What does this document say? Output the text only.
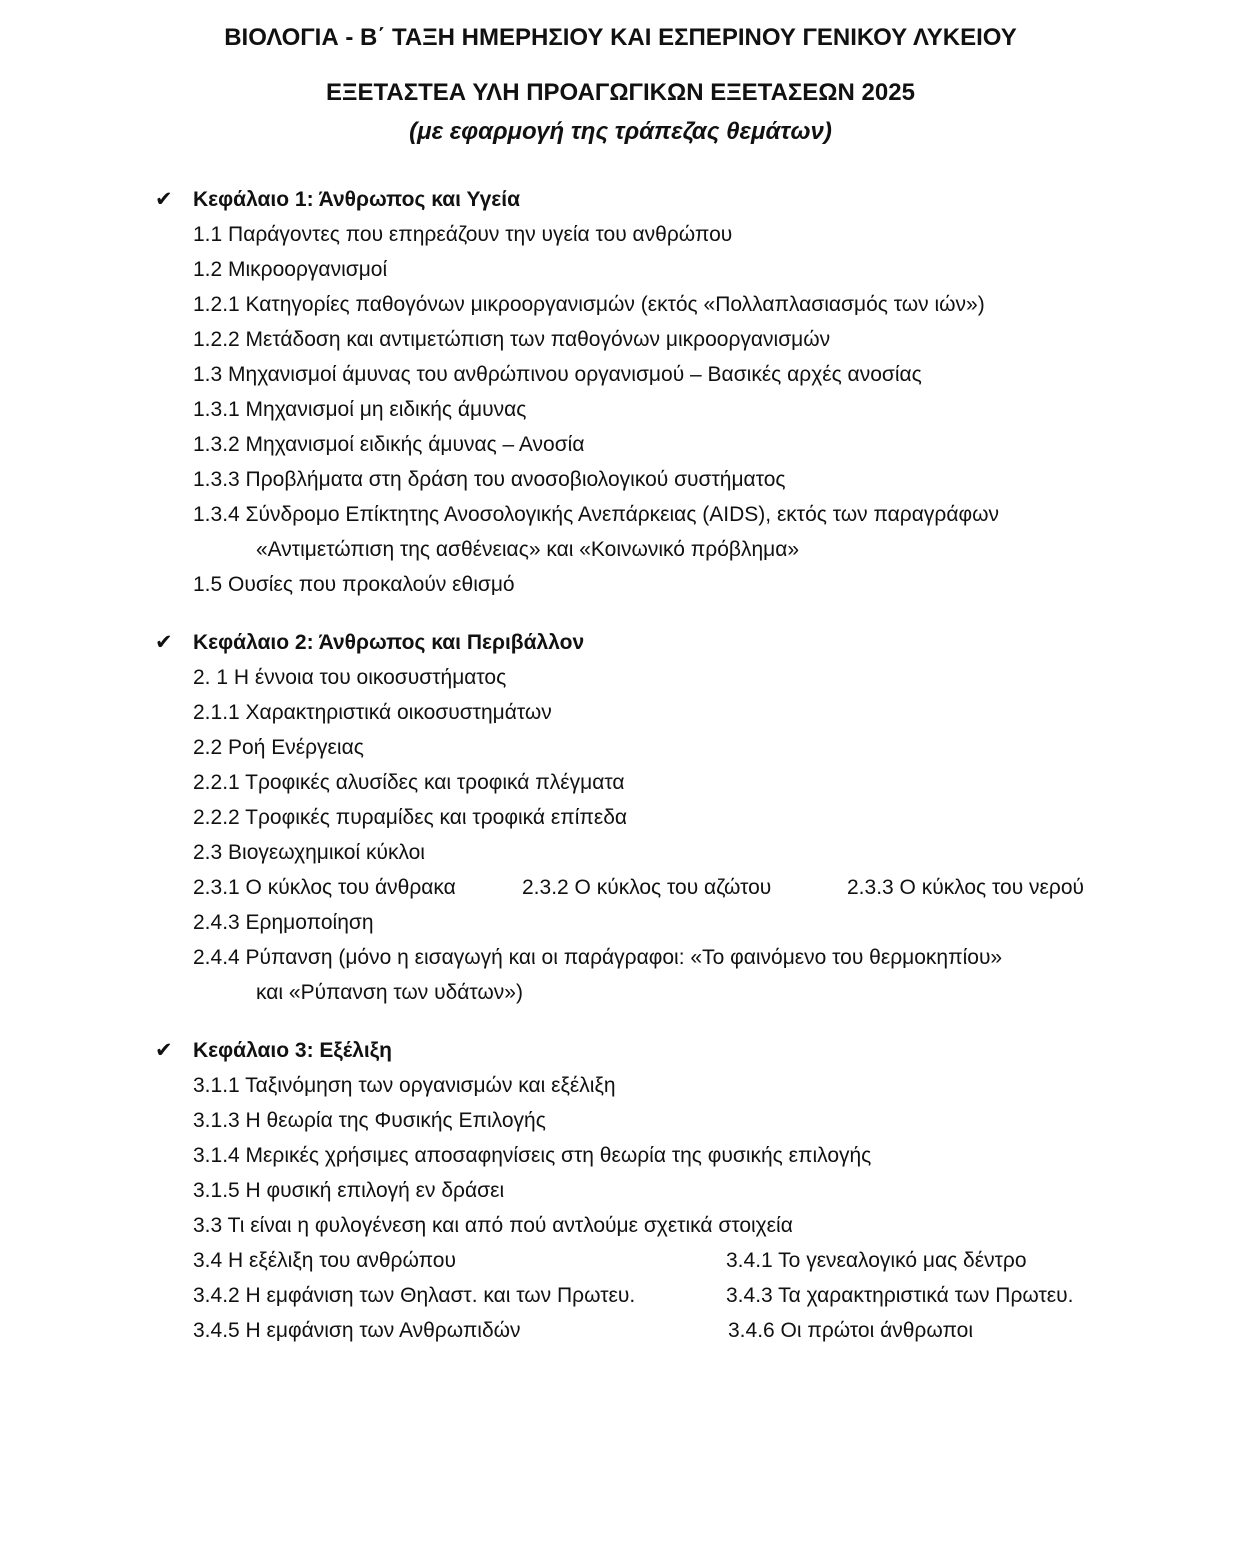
ΒΙΟΛΟΓΙΑ - Β΄ ΤΑΞΗ ΗΜΕΡΗΣΙΟΥ ΚΑΙ ΕΣΠΕΡΙΝΟΥ ΓΕΝΙΚΟΥ ΛΥΚΕΙΟΥ
ΕΞΕΤΑΣΤΕΑ ΥΛΗ ΠΡΟΑΓΩΓΙΚΩΝ ΕΞΕΤΑΣΕΩΝ 2025
(με εφαρμογή της τράπεζας θεμάτων)
✔ Κεφάλαιο 1: Άνθρωπος και Υγεία
1.1 Παράγοντες που επηρεάζουν την υγεία του ανθρώπου
1.2 Μικροοργανισμοί
1.2.1 Κατηγορίες παθογόνων μικροοργανισμών (εκτός «Πολλαπλασιασμός των ιών»)
1.2.2 Μετάδοση και αντιμετώπιση των παθογόνων μικροοργανισμών
1.3 Μηχανισμοί άμυνας του ανθρώπινου οργανισμού – Βασικές αρχές ανοσίας
1.3.1 Μηχανισμοί μη ειδικής άμυνας
1.3.2 Μηχανισμοί ειδικής άμυνας – Ανοσία
1.3.3 Προβλήματα στη δράση του ανοσοβιολογικού συστήματος
1.3.4 Σύνδρομο Επίκτητης Ανοσολογικής Ανεπάρκειας (AIDS), εκτός των παραγράφων
«Αντιμετώπιση της ασθένειας» και «Κοινωνικό πρόβλημα»
1.5 Ουσίες που προκαλούν εθισμό
✔ Κεφάλαιο 2: Άνθρωπος και Περιβάλλον
2. 1 Η έννοια του οικοσυστήματος
2.1.1 Χαρακτηριστικά οικοσυστημάτων
2.2 Ροή Ενέργειας
2.2.1 Τροφικές αλυσίδες και τροφικά πλέγματα
2.2.2 Τροφικές πυραμίδες και τροφικά επίπεδα
2.3 Βιογεωχημικοί κύκλοι
2.3.1 Ο κύκλος του άνθρακα	2.3.2 Ο κύκλος του αζώτου	2.3.3 Ο κύκλος του νερού
2.4.3 Ερημοποίηση
2.4.4 Ρύπανση (μόνο η εισαγωγή και οι παράγραφοι: «Το φαινόμενο του θερμοκηπίου»
και «Ρύπανση των υδάτων»)
✔ Κεφάλαιο 3: Εξέλιξη
3.1.1 Ταξινόμηση των οργανισμών και εξέλιξη
3.1.3 Η θεωρία της Φυσικής Επιλογής
3.1.4 Μερικές χρήσιμες αποσαφηνίσεις στη θεωρία της φυσικής επιλογής
3.1.5 Η φυσική επιλογή εν δράσει
3.3 Τι είναι η φυλογένεση και από πού αντλούμε σχετικά στοιχεία
3.4 Η εξέλιξη του ανθρώπου	3.4.1 Το γενεαλογικό μας δέντρο
3.4.2 Η εμφάνιση των Θηλαστ. και των Πρωτευ.	3.4.3 Τα χαρακτηριστικά των Πρωτευ.
3.4.5 Η εμφάνιση των Ανθρωπιδών	3.4.6 Οι πρώτοι άνθρωποι
